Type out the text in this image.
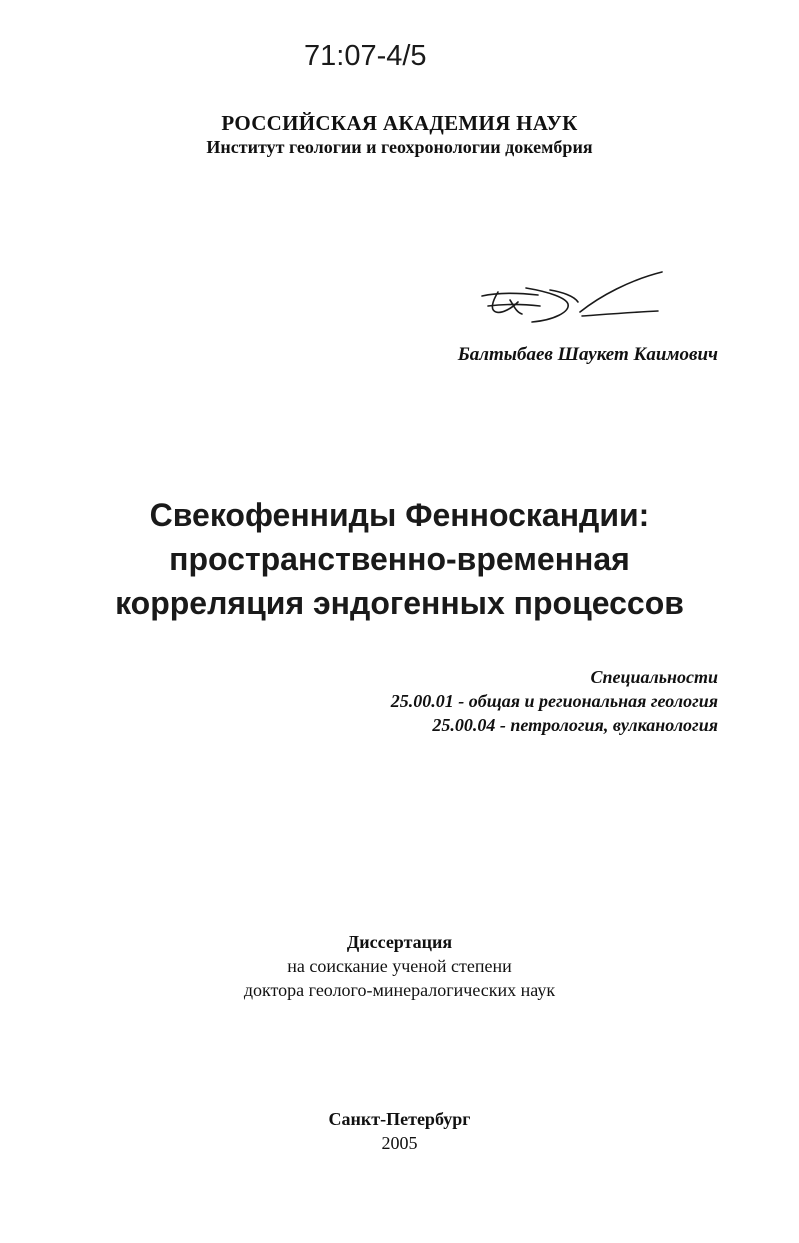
71:07-4/5
РОССИЙСКАЯ АКАДЕМИЯ НАУК
Институт геологии и геохронологии докембрия
Балтыбаев Шаукет Каимович
Свекофенниды Фенноскандии:
пространственно-временная
корреляция эндогенных процессов
Специальности
25.00.01 - общая и региональная геология
25.00.04 - петрология, вулканология
Диссертация
на соискание ученой степени
доктора геолого-минералогических наук
Санкт-Петербург
2005
